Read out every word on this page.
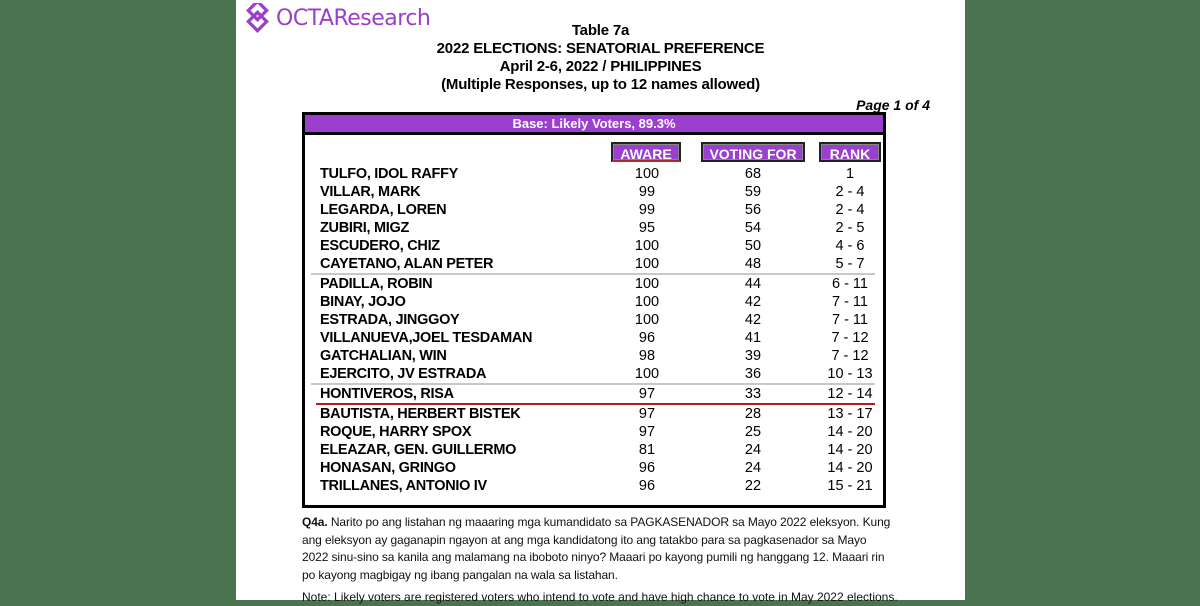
OCTAResearch	Table 7a
2022 ELECTIONS: SENATORIAL PREFERENCE
April 2-6, 2022 / PHILIPPINES
(Multiple Responses, up to 12 names allowed)
Page 1 of 4
Base: Likely Voters, 89.3%
AWARE	VOTING FOR	RANK
TULFO, IDOL RAFFY	100	68	1
VILLAR, MARK	99	59	2 - 4
LEGARDA, LOREN	99	56	2 - 4
ZUBIRI, MIGZ	95	54	2 - 5
ESCUDERO, CHIZ	100	50	4 - 6
CAYETANO, ALAN PETER	100	48	5 - 7
PADILLA, ROBIN	100	44	6 - 11
BINAY, JOJO	100	42	7 - 11
ESTRADA, JINGGOY	100	42	7 - 11
VILLANUEVA,JOEL TESDAMAN	96	41	7 - 12
GATCHALIAN, WIN	98	39	7 - 12
EJERCITO, JV ESTRADA	100	36	10 - 13
HONTIVEROS, RISA	97	33	12 - 14
BAUTISTA, HERBERT BISTEK	97	28	13 - 17
ROQUE, HARRY SPOX	97	25	14 - 20
ELEAZAR, GEN. GUILLERMO	81	24	14 - 20
HONASAN, GRINGO	96	24	14 - 20
TRILLANES, ANTONIO IV	96	22	15 - 21
Q4a. Narito po ang listahan ng maaaring mga kumandidato sa PAGKASENADOR sa Mayo 2022 eleksyon. Kung ang eleksyon ay gaganapin ngayon at ang mga kandidatong ito ang tatakbo para sa pagkasenador sa Mayo 2022 sinu-sino sa kanila ang malamang na iboboto ninyo? Maaari po kayong pumili ng hanggang 12. Maaari rin po kayong magbigay ng ibang pangalan na wala sa listahan.
Note: Likely voters are registered voters who intend to vote and have high chance to vote in May 2022 elections.
